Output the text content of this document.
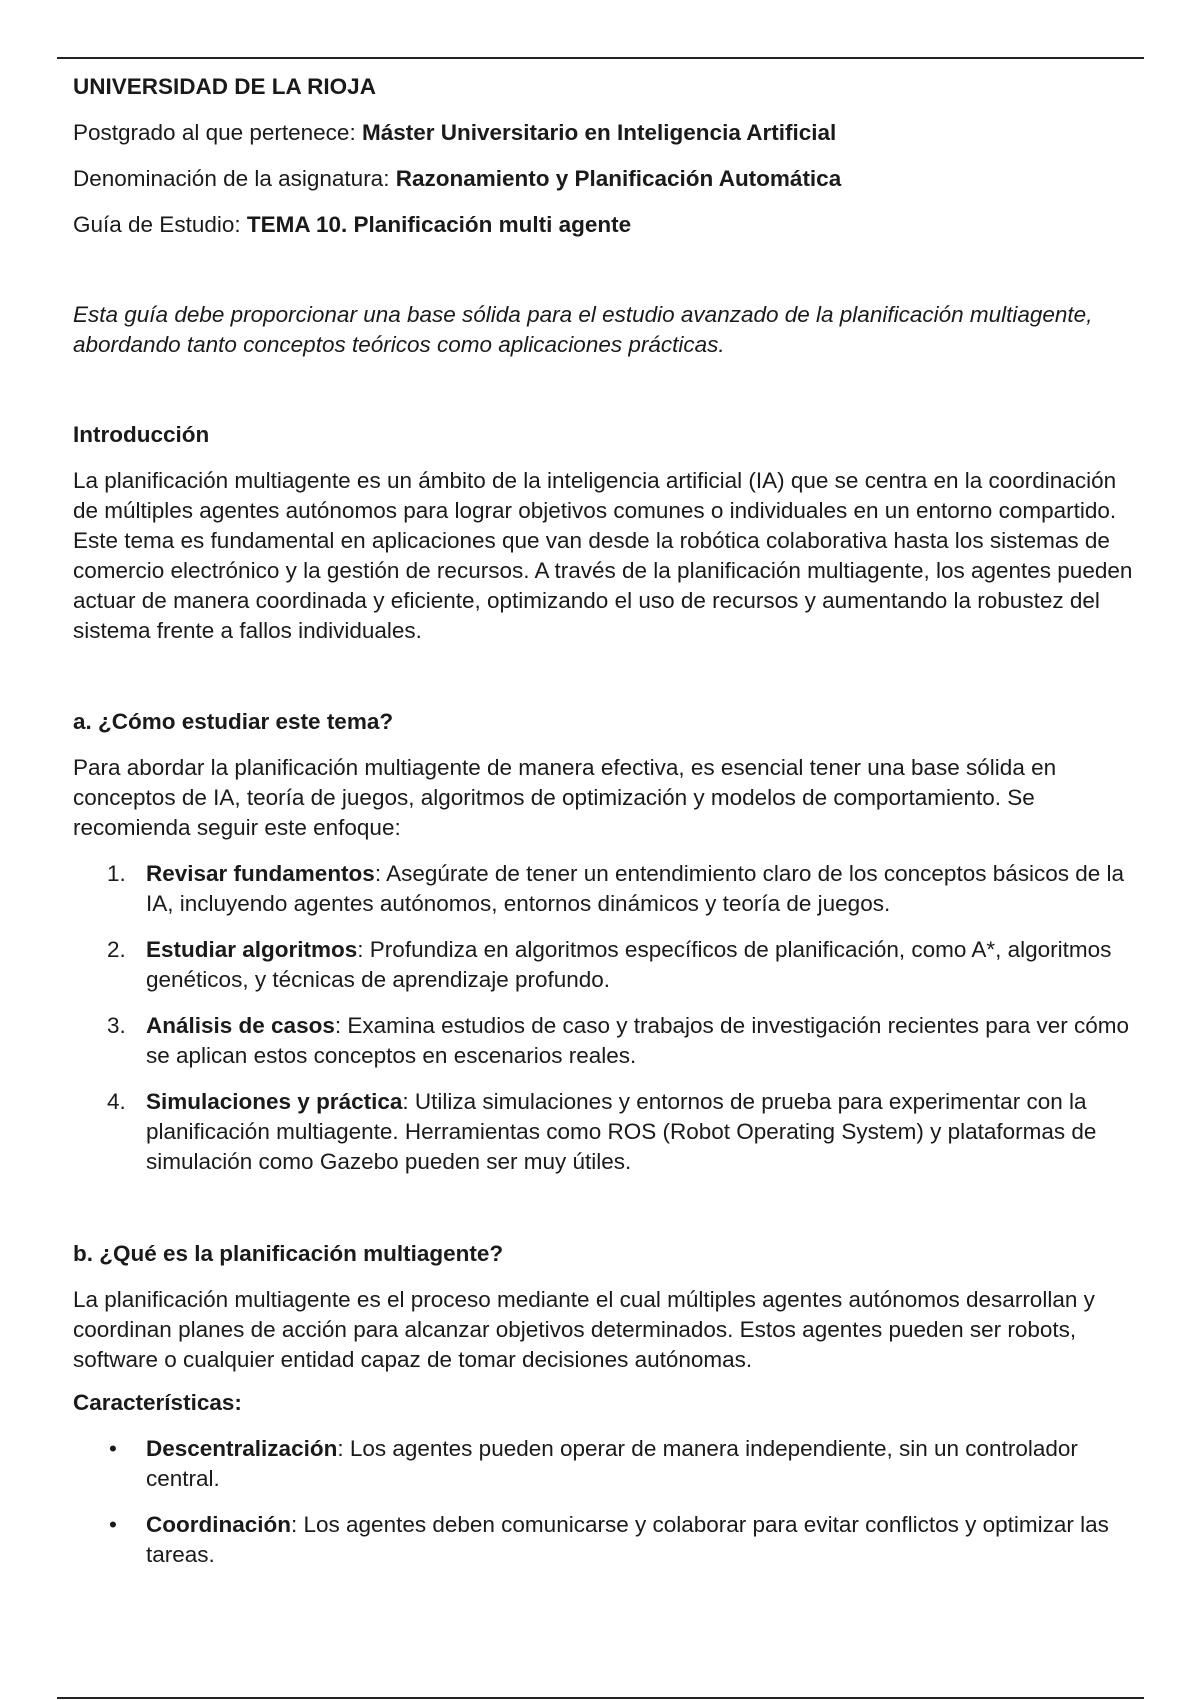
UNIVERSIDAD DE LA RIOJA

Postgrado al que pertenece: Máster Universitario en Inteligencia Artificial

Denominación de la asignatura: Razonamiento y Planificación Automática

Guía de Estudio: TEMA 10. Planificación multi agente

Esta guía debe proporcionar una base sólida para el estudio avanzado de la planificación multiagente, abordando tanto conceptos teóricos como aplicaciones prácticas.

Introducción

La planificación multiagente es un ámbito de la inteligencia artificial (IA) que se centra en la coordinación de múltiples agentes autónomos para lograr objetivos comunes o individuales en un entorno compartido. Este tema es fundamental en aplicaciones que van desde la robótica colaborativa hasta los sistemas de comercio electrónico y la gestión de recursos. A través de la planificación multiagente, los agentes pueden actuar de manera coordinada y eficiente, optimizando el uso de recursos y aumentando la robustez del sistema frente a fallos individuales.

a. ¿Cómo estudiar este tema?

Para abordar la planificación multiagente de manera efectiva, es esencial tener una base sólida en conceptos de IA, teoría de juegos, algoritmos de optimización y modelos de comportamiento. Se recomienda seguir este enfoque:

1. Revisar fundamentos: Asegúrate de tener un entendimiento claro de los conceptos básicos de la IA, incluyendo agentes autónomos, entornos dinámicos y teoría de juegos.
2. Estudiar algoritmos: Profundiza en algoritmos específicos de planificación, como A*, algoritmos genéticos, y técnicas de aprendizaje profundo.
3. Análisis de casos: Examina estudios de caso y trabajos de investigación recientes para ver cómo se aplican estos conceptos en escenarios reales.
4. Simulaciones y práctica: Utiliza simulaciones y entornos de prueba para experimentar con la planificación multiagente. Herramientas como ROS (Robot Operating System) y plataformas de simulación como Gazebo pueden ser muy útiles.
b. ¿Qué es la planificación multiagente?

La planificación multiagente es el proceso mediante el cual múltiples agentes autónomos desarrollan y coordinan planes de acción para alcanzar objetivos determinados. Estos agentes pueden ser robots, software o cualquier entidad capaz de tomar decisiones autónomas.

Características:
•	Descentralización: Los agentes pueden operar de manera independiente, sin un controlador central.
•	Coordinación: Los agentes deben comunicarse y colaborar para evitar conflictos y optimizar las tareas.
